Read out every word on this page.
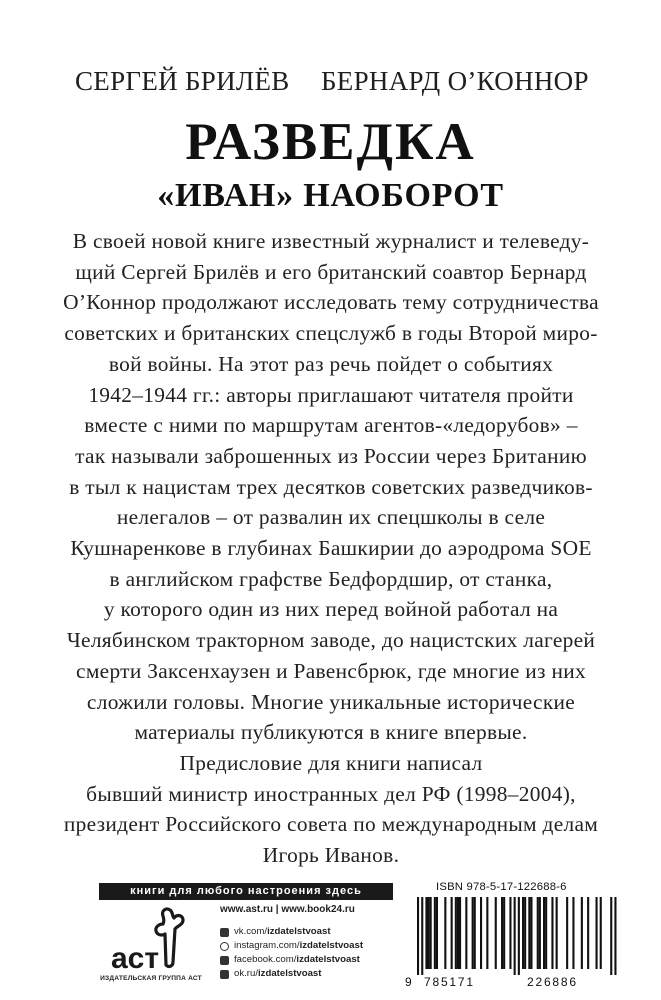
СЕРГЕЙ БРИЛЁВ БЕРНАРД О’КОННОР
РАЗВЕДКА
«ИВАН» НАОБОРОТ
В своей новой книге известный журналист и телеведу-
щий Сергей Брилёв и его британский соавтор Бернард
О’Коннор продолжают исследовать тему сотрудничества
советских и британских спецслужб в годы Второй миро-
вой войны. На этот раз речь пойдет о событиях
1942–1944 гг.: авторы приглашают читателя пройти
вместе с ними по маршрутам агентов-«ледорубов» –
так называли заброшенных из России через Британию
в тыл к нацистам трех десятков советских разведчиков-
нелегалов – от развалин их спецшколы в селе
Кушнаренкове в глубинах Башкирии до аэродрома SOE
в английском графстве Бедфордшир, от станка,
у которого один из них перед войной работал на
Челябинском тракторном заводе, до нацистских лагерей
смерти Заксенхаузен и Равенсбрюк, где многие из них
сложили головы. Многие уникальные исторические
материалы публикуются в книге впервые.
Предисловие для книги написал
бывший министр иностранных дел РФ (1998–2004),
президент Российского совета по международным делам
Игорь Иванов.
книги для любого настроения здесь
аст
ИЗДАТЕЛЬСКАЯ ГРУППА АСТ
www.ast.ru | www.book24.ru
vk.com/ izdatelstvoast
instagram.com/ izdatelstvoast
facebook.com/ izdatelstvoast
ok.ru/ izdatelstvoast
ISBN 978-5-17-122688-6
9 785171	226886
